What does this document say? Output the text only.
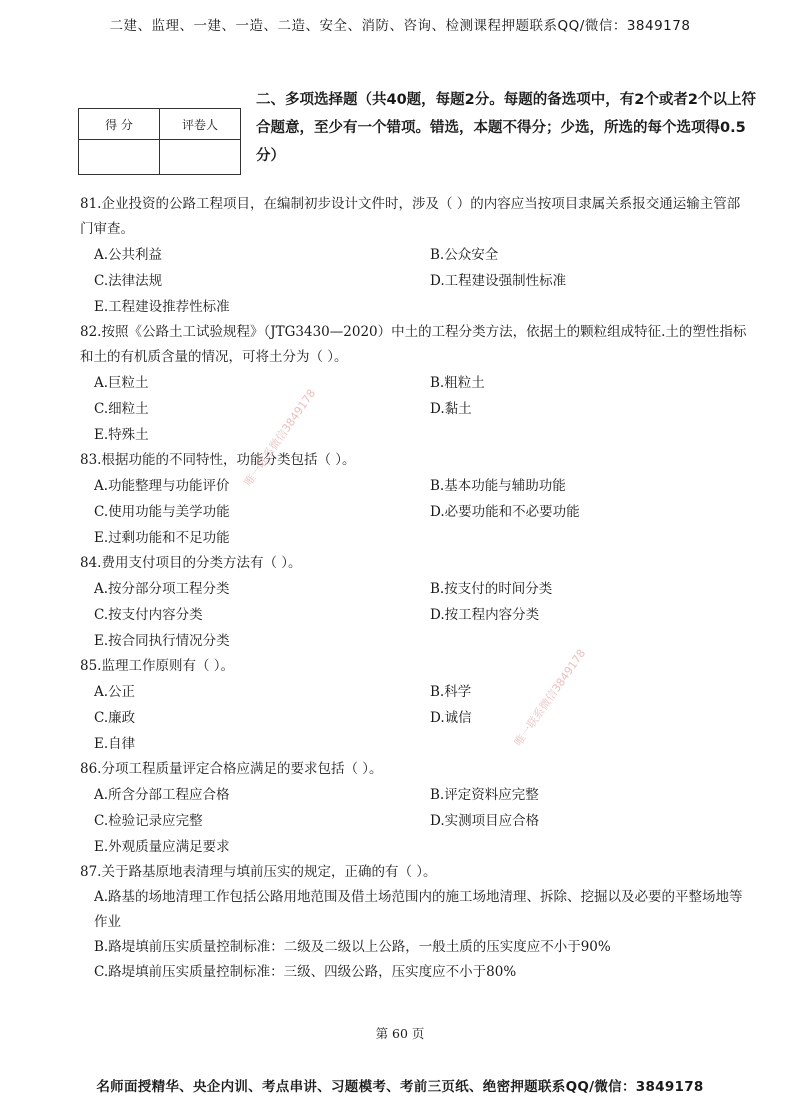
二建、监理、一建、一造、二造、安全、消防、咨询、检测课程押题联系QQ/微信：3849178
得 分	评卷人

二、多项选择题（共40题，每题2分。每题的备选项中，有2个或者2个以上符合题意，至少有一个错项。错选，本题不得分；少选，所选的每个选项得0.5分）

81.企业投资的公路工程项目，在编制初步设计文件时，涉及（ ）的内容应当按项目隶属关系报交通运输主管部门审查。

A.公共利益	B.公众安全
C.法律法规	D.工程建设强制性标准
E.工程建设推荐性标准

82.按照《公路土工试验规程》（JTG3430—2020）中土的工程分类方法，依据土的颗粒组成特征.土的塑性指标和土的有机质含量的情况，可将土分为（ ）。

A.巨粒土	B.粗粒土
C.细粒土	D.黏土
E.特殊土

83.根据功能的不同特性，功能分类包括（ ）。

A.功能整理与功能评价	B.基本功能与辅助功能
C.使用功能与美学功能	D.必要功能和不必要功能
E.过剩功能和不足功能

84.费用支付项目的分类方法有（ ）。

A.按分部分项工程分类	B.按支付的时间分类
C.按支付内容分类	D.按工程内容分类
E.按合同执行情况分类

85.监理工作原则有（ ）。

A.公正	B.科学
C.廉政	D.诚信
E.自律

86.分项工程质量评定合格应满足的要求包括（ ）。

A.所含分部工程应合格	B.评定资料应完整
C.检验记录应完整	D.实测项目应合格
E.外观质量应满足要求

87.关于路基原地表清理与填前压实的规定，正确的有（ ）。

A.路基的场地清理工作包括公路用地范围及借土场范围内的施工场地清理、拆除、挖掘以及必要的平整场地等作业
B.路堤填前压实质量控制标准：二级及二级以上公路，一般土质的压实度应不小于90%
C.路堤填前压实质量控制标准：三级、四级公路，压实度应不小于80%
唯一联系微信3849178
唯一联系微信3849178
第 60 页
名师面授精华、央企内训、考点串讲、习题模考、考前三页纸、绝密押题联系QQ/微信：3849178
